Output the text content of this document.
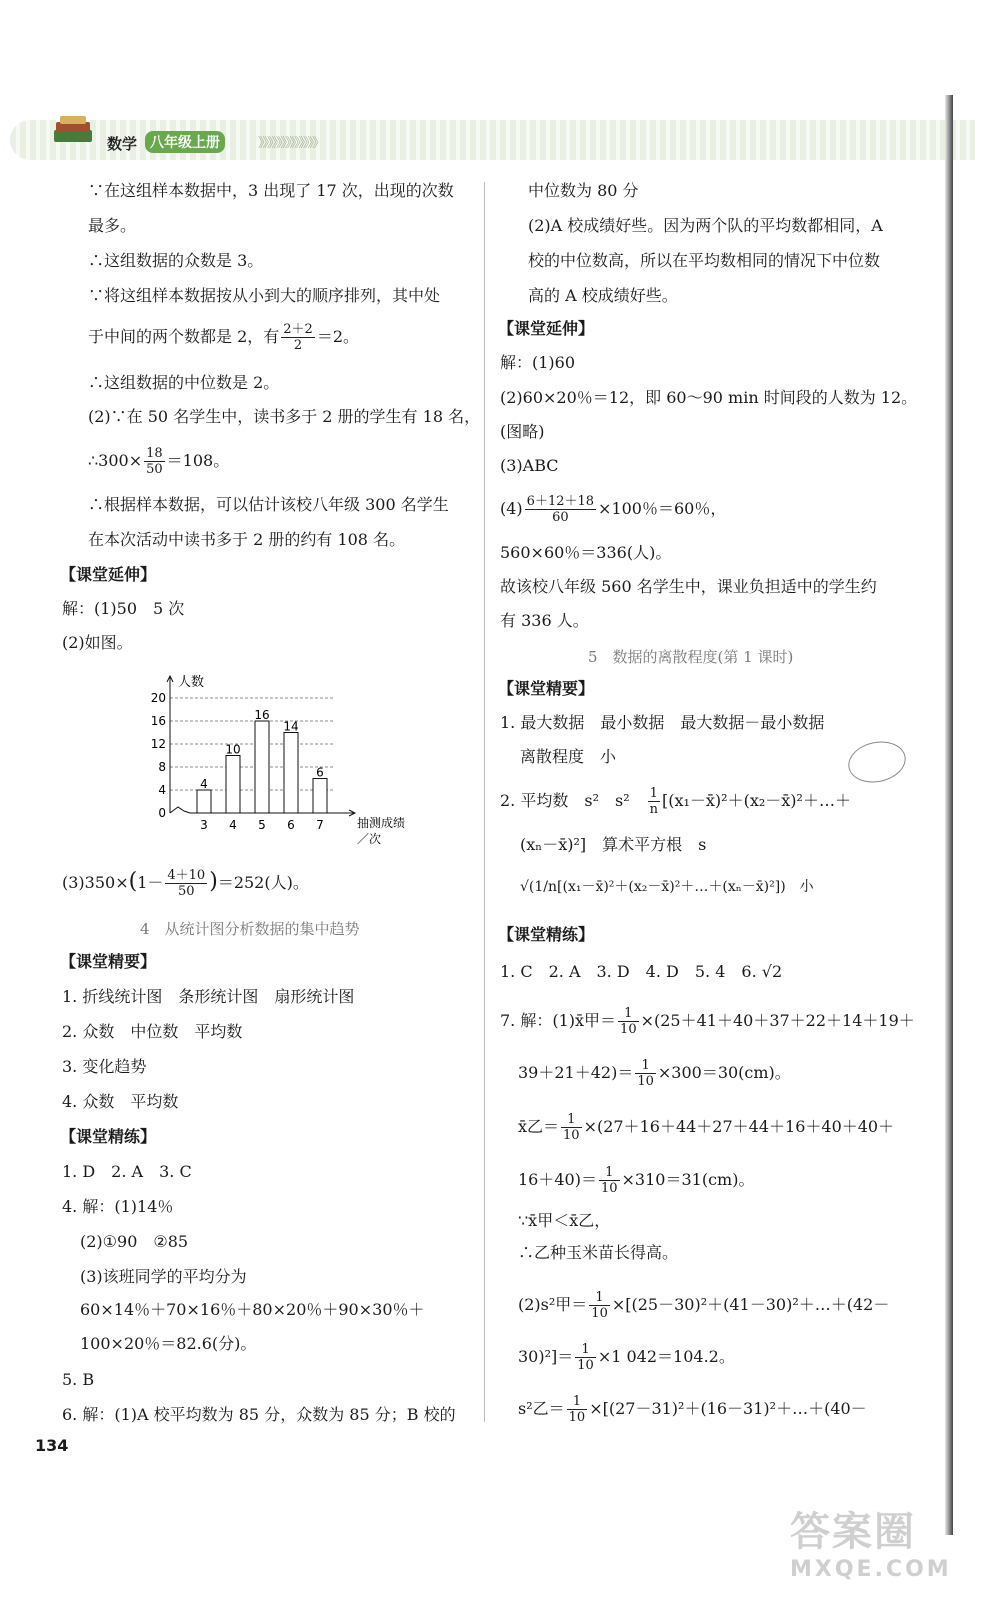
数学 八年级上册	》》》》》》》》》》》》》
∵在这组样本数据中，3 出现了 17 次，出现的次数
最多。
∴这组数据的众数是 3。
∵将这组样本数据按从小到大的顺序排列，其中处
于中间的两个数都是 2，有 $\frac{2+2}{2} =2$。
∴这组数据的中位数是 2。
(2)∵在 50 名学生中，读书多于 2 册的学生有 18 名，
∴300× $\frac{18}{50} =108$。
∴根据样本数据，可以估计该校八年级 300 名学生
在本次活动中读书多于 2 册的约有 108 名。
【课堂延伸】
解：(1)50　5 次
(2)如图。
0
4
8
12
16
20
人数
抽测成绩
／次
4
3
10
4
16
5
14
6
6
7
$(3)350\times(1- \frac{4+10}{50} )=252$(人)。
4　从统计图分析数据的集中趋势
【课堂精要】
1. 折线统计图　条形统计图　扇形统计图
2. 众数　中位数　平均数
3. 变化趋势
4. 众数　平均数
【课堂精练】
1. D　2. A　3. C
4. 解：(1)14％
(2)①90　②85
(3)该班同学的平均分为
60×14％＋70×16％＋80×20％＋90×30％＋
100×20％＝82.6(分)。
5. B
6. 解：(1)A 校平均数为 85 分，众数为 85 分；B 校的
中位数为 80 分
(2)A 校成绩好些。因为两个队的平均数都相同，A
校的中位数高，所以在平均数相同的情况下中位数
高的 A 校成绩好些。
【课堂延伸】
解：(1)60
(2)60×20％＝12，即 60～90 min 时间段的人数为 12。
(图略)
(3)ABC
$(4) \frac{6+12+18}{60} \times 100$％＝60％，
560×60％＝336(人)。
故该校八年级 560 名学生中，课业负担适中的学生约
有 336 人。
5　数据的离散程度(第 1 课时)
【课堂精要】
1. 最大数据　最小数据　最大数据－最小数据
离散程度　小
2. 平均数　s²　$s^2 \frac{1}{n}$ [(x₁－x̄)²＋(x₂－x̄)²＋…＋
(xₙ－x̄)²]　算术平方根　s
√(1/n[(x₁－x̄)²＋(x₂－x̄)²＋…＋(xₙ－x̄)²])　小
【课堂精练】
1. C　2. A　3. D　4. D　5. 4　6. √2
7. 解：(1)x̄甲＝ $\frac{1}{10} \times(25+41+40+37+22+14+19+$
$39+21+42)= \frac{1}{10} \times 300=30(cm)$。
x̄乙＝ $\frac{1}{10} \times(27+16+44+27+44+16+40+40+$
$16+40)= \frac{1}{10} \times 310=31(cm)$。
∵x̄甲＜x̄乙，
∴乙种玉米苗长得高。
(2)s²甲＝ $\frac{1}{10}$ ×[(25－30)²＋(41－30)²＋…＋(42－
$30)^2]= \frac{1}{10} \times 1$ 042＝104.2。
s²乙＝ $\frac{1}{10}$ ×[(27－31)²＋(16－31)²＋…＋(40－
134
答案圈
MXQE.COM
